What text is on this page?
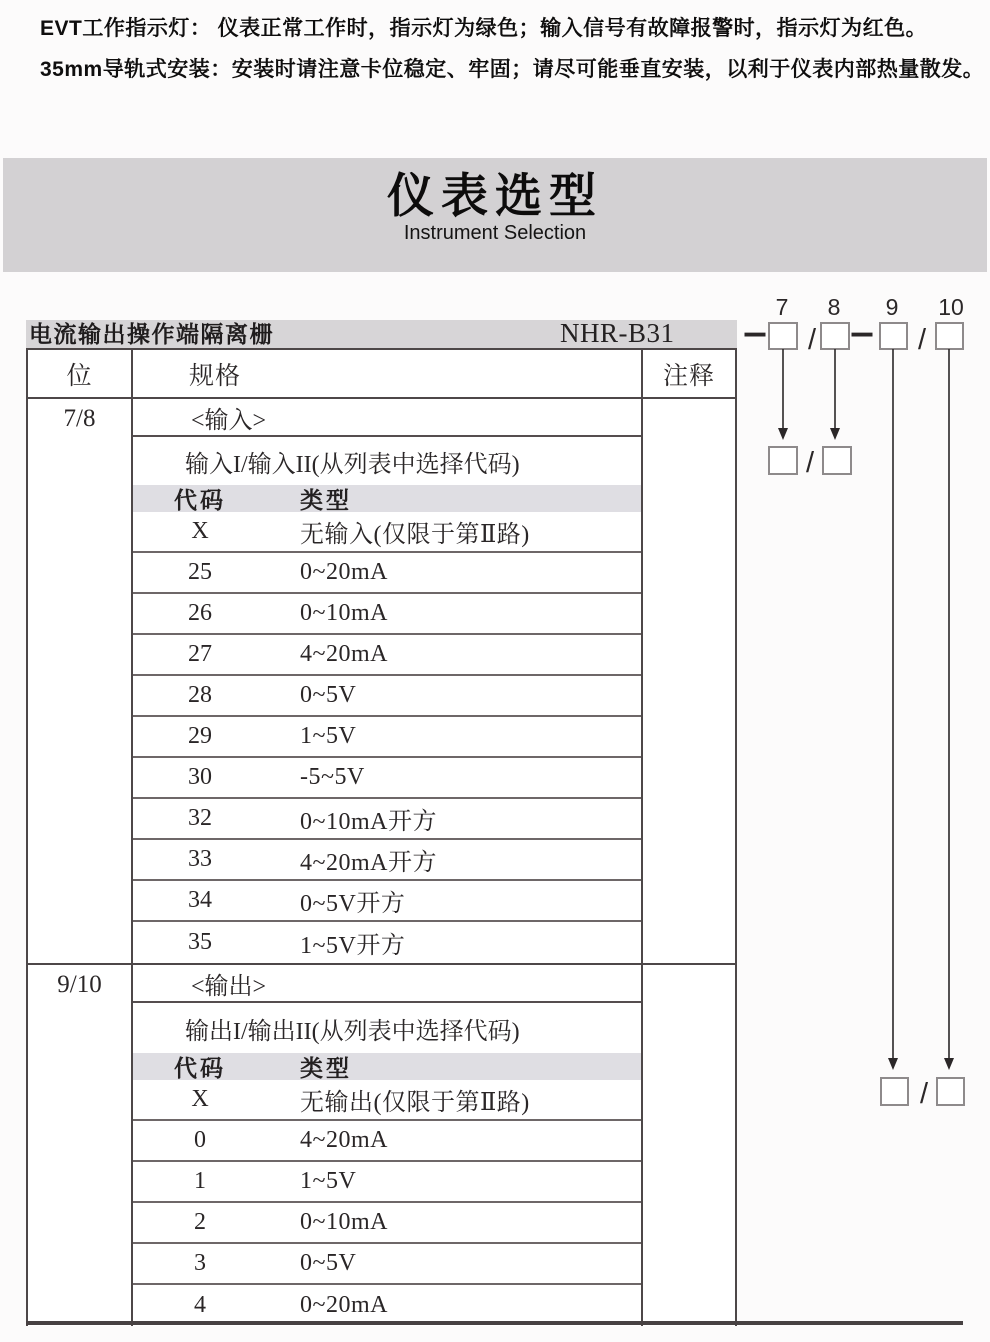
EVT工作指示灯： 仪表正常工作时，指示灯为绿色；输入信号有故障报警时，指示灯为红色。
35mm导轨式安装：安装时请注意卡位稳定、牢固；请尽可能垂直安装，以利于仪表内部热量散发。
仪表选型
Instrument Selection
电流输出操作端隔离栅	NHR-B31
位	规格	注释
7/8	<输入>
输入I/输入II(从列表中选择代码)
代码	类型
X	无输入(仅限于第Ⅱ路)
25	0~20mA
26	0~10mA
27	4~20mA
28	0~5V
29	1~5V
30	-5~5V
32	0~10mA开方
33	4~20mA开方
34	0~5V开方
35	1~5V开方
9/10	<输出>
输出I/输出II(从列表中选择代码)
代码	类型
X	无输出(仅限于第Ⅱ路)
0	4~20mA
1	1~5V
2	0~10mA
3	0~5V
4	0~20mA
7 8 9 10
—	—
/	/
/
/
